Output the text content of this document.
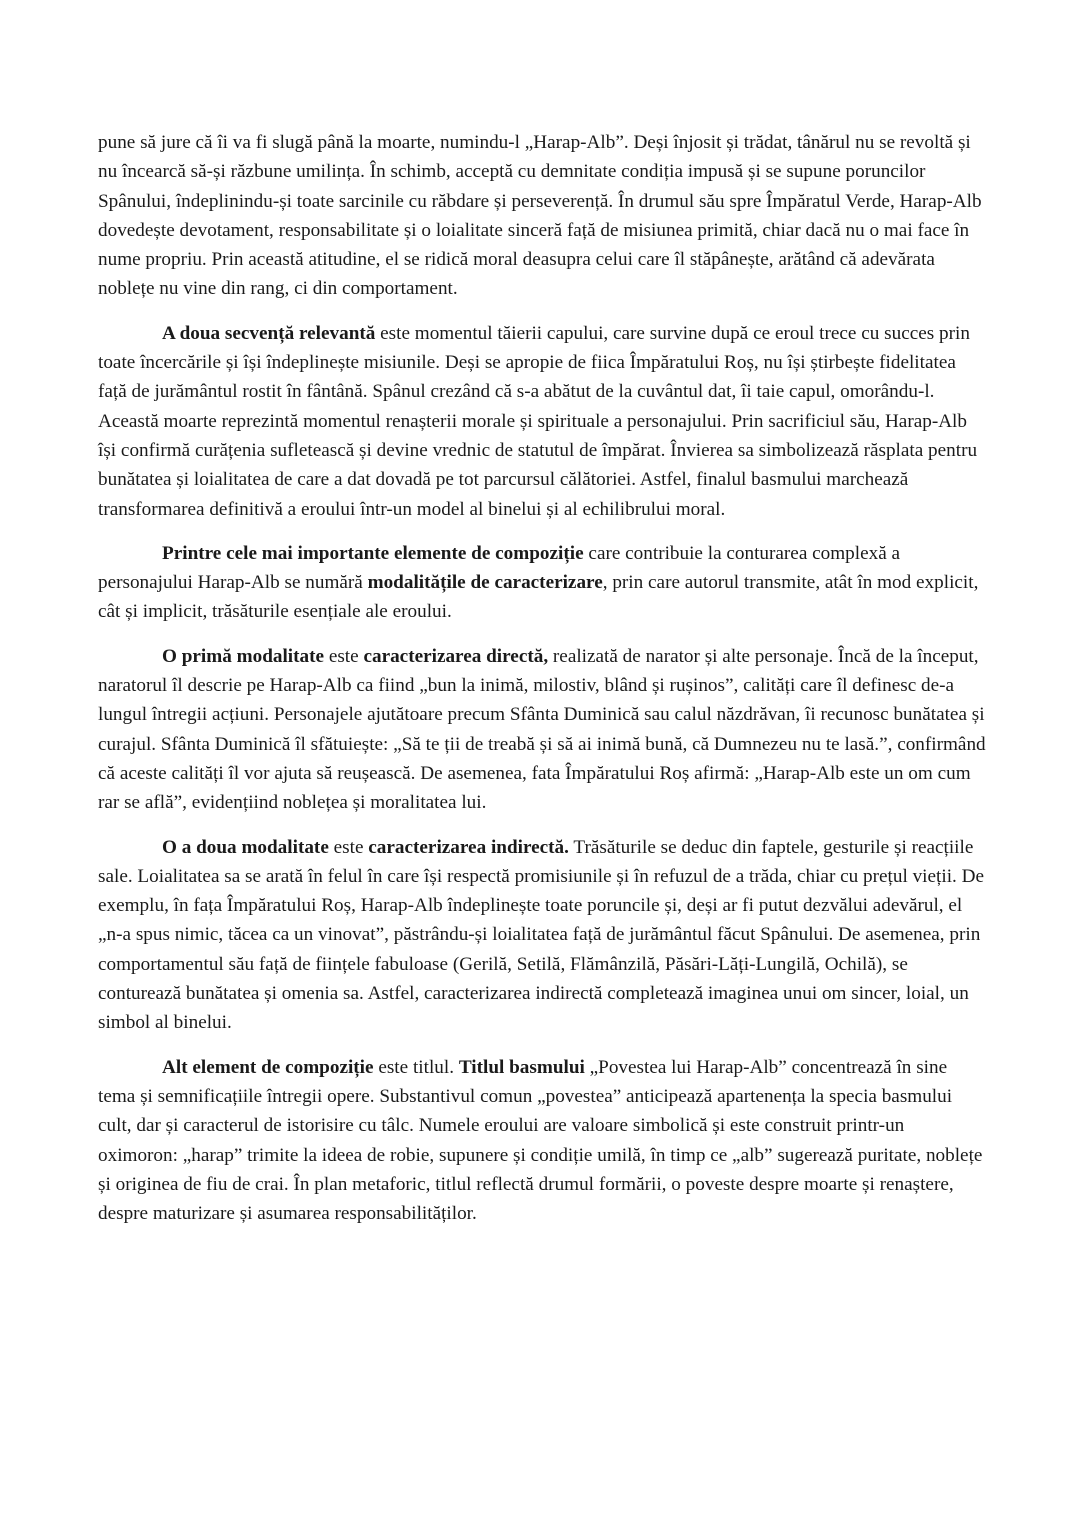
pune să jure că îi va fi slugă până la moarte, numindu-l „Harap-Alb”. Deși înjosit și trădat, tânărul nu se revoltă și nu încearcă să-și răzbune umilința. În schimb, acceptă cu demnitate condiția impusă și se supune poruncilor Spânului, îndeplinindu-și toate sarcinile cu răbdare și perseverență. În drumul său spre Împăratul Verde, Harap-Alb dovedește devotament, responsabilitate și o loialitate sinceră față de misiunea primită, chiar dacă nu o mai face în nume propriu. Prin această atitudine, el se ridică moral deasupra celui care îl stăpânește, arătând că adevărata noblețe nu vine din rang, ci din comportament.

A doua secvență relevantă este momentul tăierii capului, care survine după ce eroul trece cu succes prin toate încercările și își îndeplinește misiunile. Deși se apropie de fiica Împăratului Roș, nu își știrbește fidelitatea față de jurământul rostit în fântână. Spânul crezând că s-a abătut de la cuvântul dat, îi taie capul, omorându-l. Această moarte reprezintă momentul renașterii morale și spirituale a personajului. Prin sacrificiul său, Harap-Alb își confirmă curățenia sufletească și devine vrednic de statutul de împărat. Învierea sa simbolizează răsplata pentru bunătatea și loialitatea de care a dat dovadă pe tot parcursul călătoriei. Astfel, finalul basmului marchează transformarea definitivă a eroului într-un model al binelui și al echilibrului moral.

Printre cele mai importante elemente de compoziție care contribuie la conturarea complexă a personajului Harap-Alb se numără modalitățile de caracterizare, prin care autorul transmite, atât în mod explicit, cât și implicit, trăsăturile esențiale ale eroului.

O primă modalitate este caracterizarea directă, realizată de narator și alte personaje. Încă de la început, naratorul îl descrie pe Harap-Alb ca fiind „bun la inimă, milostiv, blând și rușinos”, calități care îl definesc de-a lungul întregii acțiuni. Personajele ajutătoare precum Sfânta Duminică sau calul năzdrăvan, îi recunosc bunătatea și curajul. Sfânta Duminică îl sfătuiește: „Să te ții de treabă și să ai inimă bună, că Dumnezeu nu te lasă.”, confirmând că aceste calități îl vor ajuta să reușească. De asemenea, fata Împăratului Roș afirmă: „Harap-Alb este un om cum rar se află”, evidențiind noblețea și moralitatea lui.

O a doua modalitate este caracterizarea indirectă. Trăsăturile se deduc din faptele, gesturile și reacțiile sale. Loialitatea sa se arată în felul în care își respectă promisiunile și în refuzul de a trăda, chiar cu prețul vieții. De exemplu, în fața Împăratului Roș, Harap-Alb îndeplinește toate poruncile și, deși ar fi putut dezvălui adevărul, el „n-a spus nimic, tăcea ca un vinovat”, păstrându-și loialitatea față de jurământul făcut Spânului. De asemenea, prin comportamentul său față de ființele fabuloase (Gerilă, Setilă, Flămânzilă, Păsări-Lăți-Lungilă, Ochilă), se conturează bunătatea și omenia sa. Astfel, caracterizarea indirectă completează imaginea unui om sincer, loial, un simbol al binelui.

Alt element de compoziție este titlul. Titlul basmului „Povestea lui Harap-Alb” concentrează în sine tema și semnificațiile întregii opere. Substantivul comun „povestea” anticipează apartenența la specia basmului cult, dar și caracterul de istorisire cu tâlc. Numele eroului are valoare simbolică și este construit printr-un oximoron: „harap” trimite la ideea de robie, supunere și condiție umilă, în timp ce „alb” sugerează puritate, noblețe și originea de fiu de crai. În plan metaforic, titlul reflectă drumul formării, o poveste despre moarte și renaștere, despre maturizare și asumarea responsabilităților.
